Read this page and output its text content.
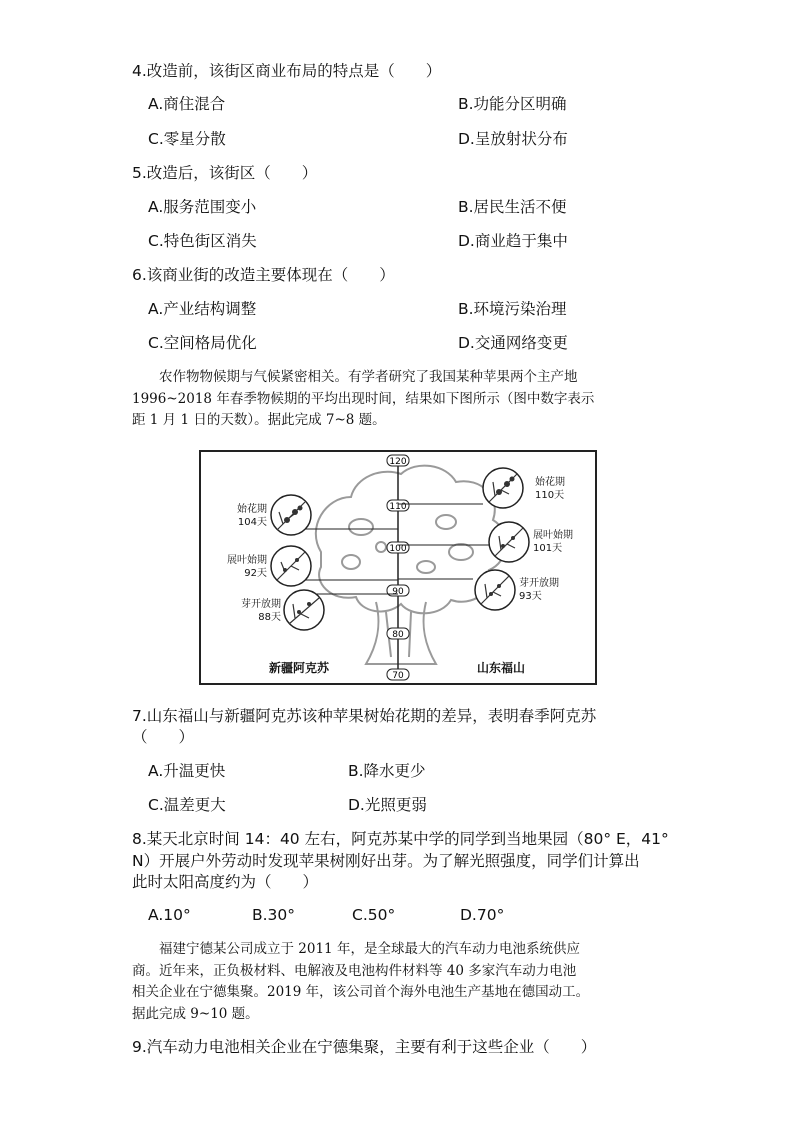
4.改造前，该街区商业布局的特点是（　　）
A.商住混合	B.功能分区明确
C.零星分散	D.呈放射状分布
5.改造后，该街区（　　）
A.服务范围变小	B.居民生活不便
C.特色街区消失	D.商业趋于集中
6.该商业街的改造主要体现在（　　）
A.产业结构调整	B.环境污染治理
C.空间格局优化	D.交通网络变更
农作物物候期与气候紧密相关。有学者研究了我国某种苹果两个主产地
1996~2018 年春季物候期的平均出现时间，结果如下图所示（图中数字表示
距 1 月 1 日的天数）。据此完成 7~8 题。
120
110
100
90
80
70
始花期
104天
展叶始期
92天
芽开放期
88天
始花期
110天
展叶始期
101天
芽开放期
93天
新疆阿克苏	山东福山
7.山东福山与新疆阿克苏该种苹果树始花期的差异，表明春季阿克苏
（　　）
A.升温更快	B.降水更少
C.温差更大	D.光照更弱
8.某天北京时间 14：40 左右，阿克苏某中学的同学到当地果园（80° E，41°
N）开展户外劳动时发现苹果树刚好出芽。为了解光照强度，同学们计算出
此时太阳高度约为（　　）
A.10°	B.30°	C.50°	D.70°
福建宁德某公司成立于 2011 年，是全球最大的汽车动力电池系统供应
商。近年来，正负极材料、电解液及电池构件材料等 40 多家汽车动力电池
相关企业在宁德集聚。2019 年，该公司首个海外电池生产基地在德国动工。
据此完成 9~10 题。
9.汽车动力电池相关企业在宁德集聚，主要有利于这些企业（　　）
